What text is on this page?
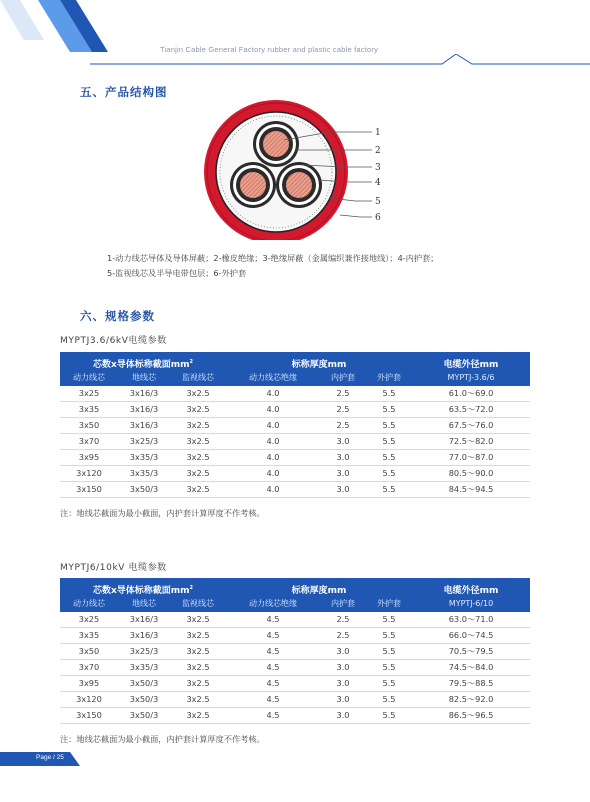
Tianjin Cable General Factory rubber and plastic cable factory
五、产品结构图
1
2
3
4
5
6
1-动力线芯导体及导体屏蔽；2-橡皮绝缘；3-绝缘屏蔽（金属编织兼作接地线）；4-内护套；
5-监视线芯及半导电带包层；6-外护套
六、规格参数
MYPTJ3.6/6kV电缆参数
芯数x导体标称截面$mm^2$			标称厚度mm			电缆外径mm
动力线芯	地线芯	监视线芯	动力线芯绝缘	内护套	外护套	MYPTJ-3.6/6
3x25	3x16/3	3x2.5	4.0	2.5	5.5	61.0～69.0
3x35	3x16/3	3x2.5	4.0	2.5	5.5	63.5～72.0
3x50	3x16/3	3x2.5	4.0	2.5	5.5	67.5～76.0
3x70	3x25/3	3x2.5	4.0	3.0	5.5	72.5～82.0
3x95	3x35/3	3x2.5	4.0	3.0	5.5	77.0～87.0
3x120	3x35/3	3x2.5	4.0	3.0	5.5	80.5～90.0
3x150	3x50/3	3x2.5	4.0	3.0	5.5	84.5～94.5
注：地线芯截面为最小截面，内护套计算厚度不作考核。
MYPTJ6/10kV 电缆参数
芯数x导体标称截面$mm^2$			标称厚度mm			电缆外径mm
动力线芯	地线芯	监视线芯	动力线芯绝缘	内护套	外护套	MYPTJ-6/10
3x25	3x16/3	3x2.5	4.5	2.5	5.5	63.0～71.0
3x35	3x16/3	3x2.5	4.5	2.5	5.5	66.0～74.5
3x50	3x25/3	3x2.5	4.5	3.0	5.5	70.5～79.5
3x70	3x35/3	3x2.5	4.5	3.0	5.5	74.5～84.0
3x95	3x50/3	3x2.5	4.5	3.0	5.5	79.5～88.5
3x120	3x50/3	3x2.5	4.5	3.0	5.5	82.5～92.0
3x150	3x50/3	3x2.5	4.5	3.0	5.5	86.5～96.5
注：地线芯截面为最小截面，内护套计算厚度不作考核。
Page / 25
